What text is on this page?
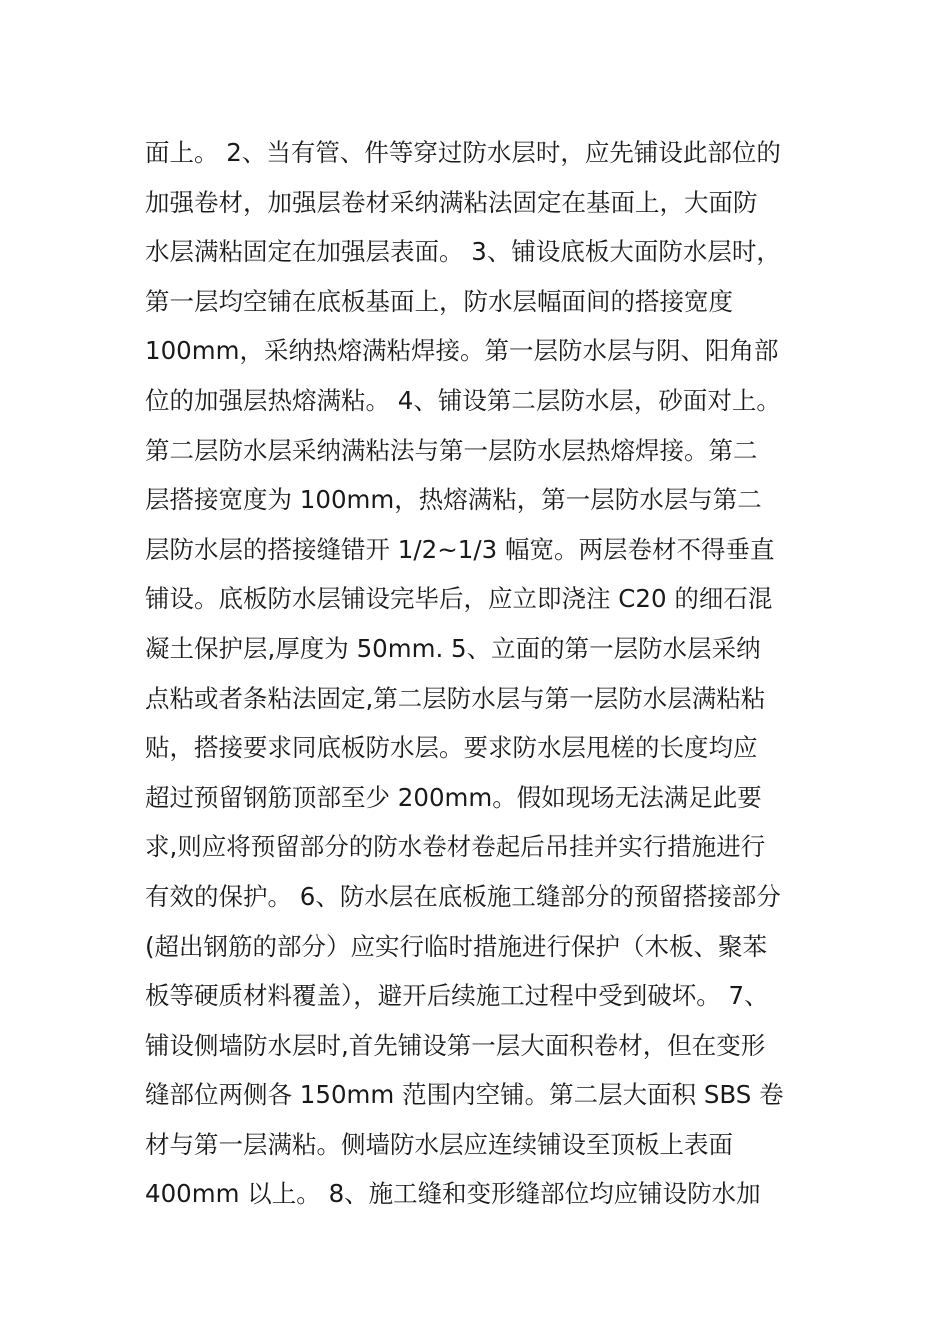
面上。 2、当有管、件等穿过防水层时，应先铺设此部位的
加强卷材，加强层卷材采纳满粘法固定在基面上，大面防
水层满粘固定在加强层表面。 3、铺设底板大面防水层时，
第一层均空铺在底板基面上，防水层幅面间的搭接宽度
100mm，采纳热熔满粘焊接。第一层防水层与阴、阳角部
位的加强层热熔满粘。 4、铺设第二层防水层，砂面对上。
第二层防水层采纳满粘法与第一层防水层热熔焊接。第二
层搭接宽度为 100mm，热熔满粘，第一层防水层与第二
层防水层的搭接缝错开 1/2~1/3 幅宽。两层卷材不得垂直
铺设。底板防水层铺设完毕后，应立即浇注 C20 的细石混
凝土保护层,厚度为 50mm. 5、立面的第一层防水层采纳
点粘或者条粘法固定,第二层防水层与第一层防水层满粘粘
贴，搭接要求同底板防水层。要求防水层甩槎的长度均应
超过预留钢筋顶部至少 200mm。假如现场无法满足此要
求,则应将预留部分的防水卷材卷起后吊挂并实行措施进行
有效的保护。 6、防水层在底板施工缝部分的预留搭接部分
(超出钢筋的部分）应实行临时措施进行保护（木板、聚苯
板等硬质材料覆盖），避开后续施工过程中受到破坏。 7、
铺设侧墙防水层时,首先铺设第一层大面积卷材，但在变形
缝部位两侧各 150mm 范围内空铺。第二层大面积 SBS 卷
材与第一层满粘。侧墙防水层应连续铺设至顶板上表面
400mm 以上。 8、施工缝和变形缝部位均应铺设防水加
